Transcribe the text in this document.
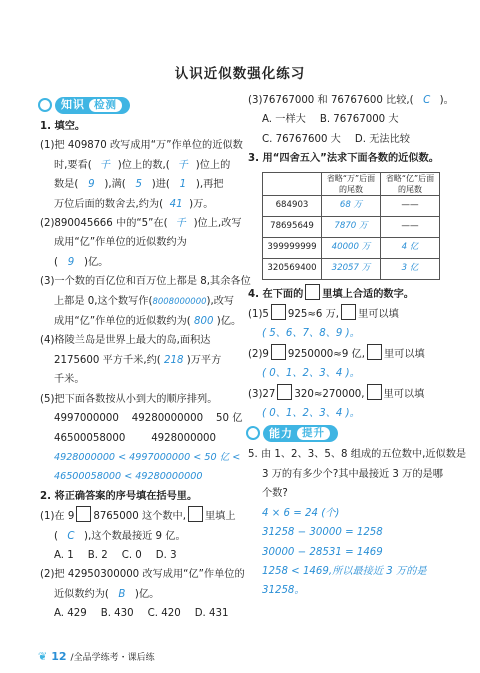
认识近似数强化练习
知识 检测
1. 填空。
(1)把 409870 改写成用“万”作单位的近似数
时,要看( 千 )位上的数,( 千 )位上的
数是( 9 ),满( 5 )进( 1 ),再把
万位后面的数舍去,约为( 41 )万。
(2)890045666 中的“5”在( 千 )位上,改写
成用“亿”作单位的近似数约为
( 9 )亿。
(3)一个数的百亿位和百万位上都是 8,其余各位
上都是 0,这个数写作(8008000000),改写
成用“亿”作单位的近似数约为( 800 )亿。
(4)格陵兰岛是世界上最大的岛,面积达
2175600 平方千米,约( 218 )万平方
千米。
(5)把下面各数按从小到大的顺序排列。
4997000000    49280000000    50 亿
46500058000        4928000000
4928000000 < 4997000000 < 50 亿 <
46500058000 < 49280000000
2. 将正确答案的序号填在括号里。
(1)在 9 8765000 这个数中, 里填上
( C ),这个数最接近 9 亿。
A. 1 B. 2 C. 0 D. 3
(2)把 42950300000 改写成用“亿”作单位的
近似数约为( B )亿。
A. 429 B. 430 C. 420 D. 431
(3)76767000 和 76767600 比较,( C )。
A. 一样大 B. 76767000 大
C. 76767600 大 D. 无法比较
3. 用“四舍五入”法求下面各数的近似数。
	省略“万”后面的尾数	省略“亿”后面的尾数
684903	68 万	——
78695649	7870 万	——
399999999	40000 万	4 亿
320569400	32057 万	3 亿
4. 在下面的 里填上合适的数字。
(1)5 925≈6 万, 里可以填
( 5、6、7、8、9 )。
(2)9 9250000≈9 亿, 里可以填
( 0、1、2、3、4 )。
(3)27 320≈270000, 里可以填
( 0、1、2、3、4 )。
能力 提升
5. 由 1、2、3、5、8 组成的五位数中,近似数是
3 万的有多少个?其中最接近 3 万的是哪
个数?
4 × 6 = 24 (个)
31258 − 30000 = 1258
30000 − 28531 = 1469
1258 < 1469,所以最接近 3 万的是
31258。
❦ 12 /全品学练考・课后练
